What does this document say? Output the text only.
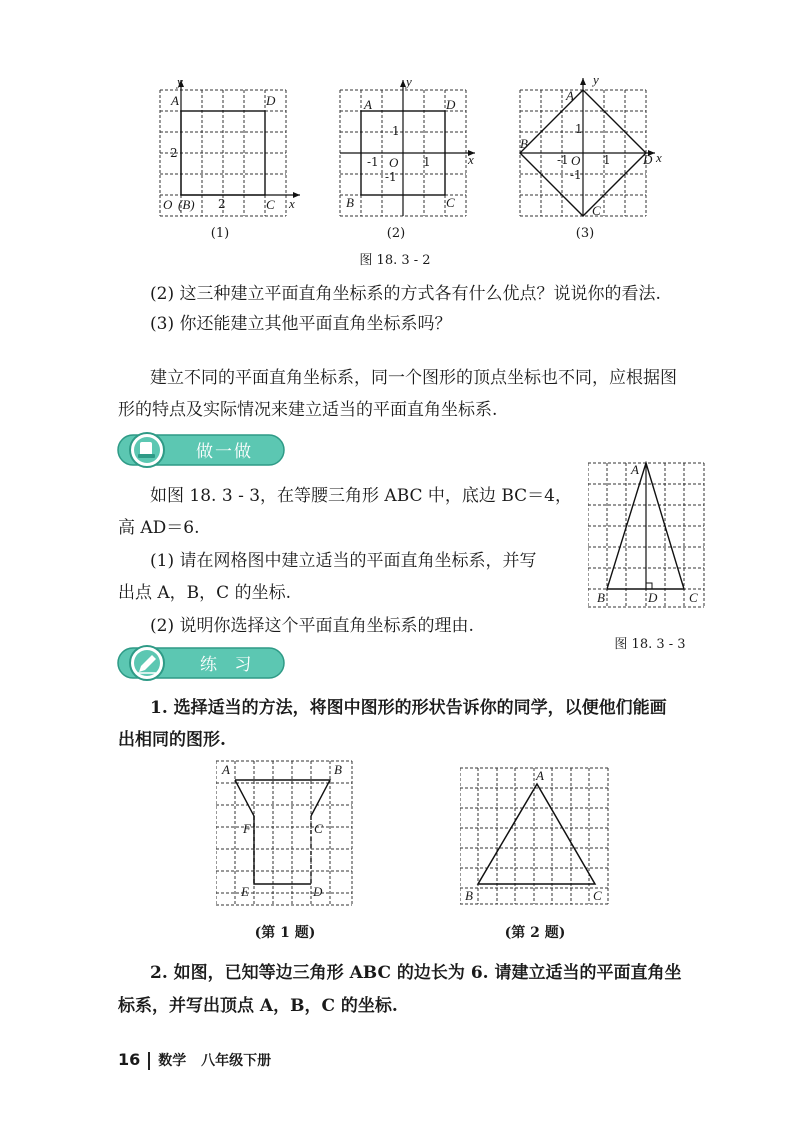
y
A	D
2
O (B) 2	C x
(1)
y
A	D
1
-1 O 1
-1
x
B	C
(2)
y
A
1
B
-1 O 1 D x
-1
C
(3)
图 18. 3 - 2
(2) 这三种建立平面直角坐标系的方式各有什么优点？说说你的看法.
(3) 你还能建立其他平面直角坐标系吗？
建立不同的平面直角坐标系，同一个图形的顶点坐标也不同，应根据图
形的特点及实际情况来建立适当的平面直角坐标系.
做一做
如图 18. 3 - 3，在等腰三角形 ABC 中，底边 BC＝4，
高 AD＝6.
(1) 请在网格图中建立适当的平面直角坐标系，并写
出点 A，B，C 的坐标.
(2) 说明你选择这个平面直角坐标系的理由.
A
B	D C
图 18. 3 - 3
练 习
1. 选择适当的方法，将图中图形的形状告诉你的同学，以便他们能画
出相同的图形.
A	B
F	C
E	D
(第 1 题)
A
B	C
(第 2 题)
2. 如图，已知等边三角形 ABC 的边长为 6. 请建立适当的平面直角坐
标系，并写出顶点 A，B，C 的坐标.
16 数学 八年级下册
